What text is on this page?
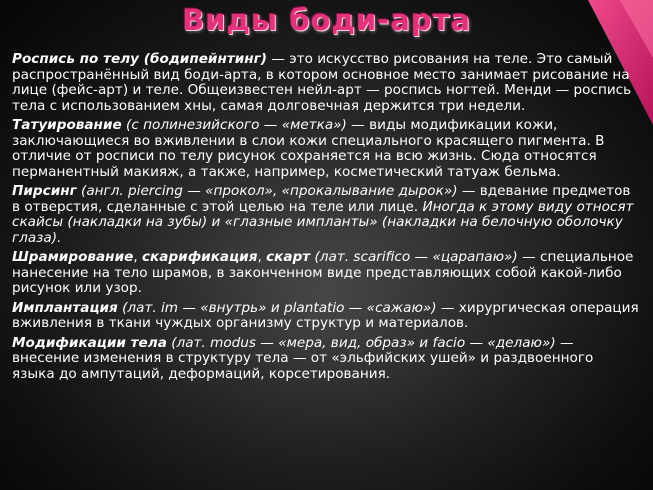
Виды боди-арта

Роспись по телу (бодипейнтинг) — это искусство рисования на теле. Это самый распространённый вид боди-арта, в котором основное место занимает рисование на лице (фейс-арт) и теле. Общеизвестен нейл-арт — роспись ногтей. Менди — роспись тела с использованием хны, самая долговечная держится три недели.

Татуирование (с полинезийского — «метка») — виды модификации кожи, заключающиеся во вживлении в слои кожи специального красящего пигмента. В отличие от росписи по телу рисунок сохраняется на всю жизнь. Сюда относятся перманентный макияж, а также, например, косметический татуаж бельма.

Пирсинг (англ. piercing — «прокол», «прокалывание дырок») — вдевание предметов в отверстия, сделанные с этой целью на теле или лице. Иногда к этому виду относят скайсы (накладки на зубы) и «глазные импланты» (накладки на белочную оболочку глаза).

Шрамирование, скарификация, скарт (лат. scarifico — «царапаю») — специальное нанесение на тело шрамов, в законченном виде представляющих собой какой-либо рисунок или узор.

Имплантация (лат. im — «внутрь» и plantatio — «сажаю») — хирургическая операция вживления в ткани чуждых организму структур и материалов.

Модификации тела (лат. modus — «мера, вид, образ» и facio — «делаю») — внесение изменения в структуру тела — от «эльфийских ушей» и раздвоенного языка до ампутаций, деформаций, корсетирования.
